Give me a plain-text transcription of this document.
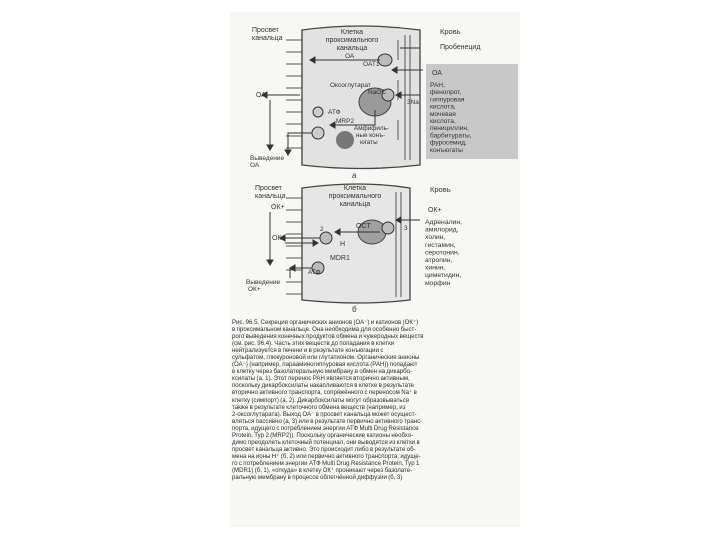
Просвет канальца
Клетка проксимального канальца
Кровь
Пробенецид
ОА
OAT1
ОА
ОА
Оксоглутарат
NaOC
3Na
АТФ
MRP2
Амфифиль-ные конъ-югаты
Выведение ОА
PAH, фенолрот, гиппуровая кислота, мочевая кислота, пенициллин, барбитураты, фуросемид, конъюгаты
а
Просвет канальца
Клетка проксимального канальца
Кровь
ОК+
OCT
ОК+
3
ОК+
2
Н
MDR1
АТФ
Выведение ОК+
Адреналин, амилорид, холин, гистамин, серотонин, атропин, хинин, циметидин, морфин
б
Рис. 96.5. Секреция органических анионов (ОА⁻) и катионов (ОК⁺)
в проксимальном канальце. Она необходима для особенно быст-
рого выведения конечных продуктов обмена и чужеродных веществ
(см. рис. 96.4). Часть этих веществ до попадания в клетки
нейтрализуется в печени и в результате конъюгации с
сульфатом, глюкуроновой или глутатионом. Органические анионы
(ОА⁻) (например, парааминогиппуровая кислота (РАН)) попадают
в клетку через базолатеральную мембрану в обмен на дикарбо-
ксилаты (а, 1). Этот перенос РАН является вторично активным,
поскольку дикарбоксилаты накапливаются в клетке в результате
вторично активного транспорта, сопряжённого с переносом Na⁺ в
клетку (симпорт) (а, 2). Дикарбоксилаты могут образовываться
также в результате клеточного обмена веществ (например, из
2-оксоглутарата). Выход ОА⁻ в просвет канальца может осущест-
вляться пассивно (а, 3) или в результате первично активного транс-
порта, идущего с потреблением энергии АТФ Multi Drug Resistance
Protein, Typ 2 (MRP2)). Поскольку органические катионы необхо-
димо преодолеть клеточный потенциал, они выводятся из клетки в
просвет канальца активно. Это происходит либо в результате об-
мена на ионы H⁺ (б, 2) или первично активного транспорта, идуще-
го с потреблением энергии АТФ Multi Drug Resistance Protein, Typ 1
(MDR1) (б, 1), «откуда» в клетку ОК⁺ проникают через базолате-
ральную мембрану в процессе облегчённой диффузии (б, 3)
